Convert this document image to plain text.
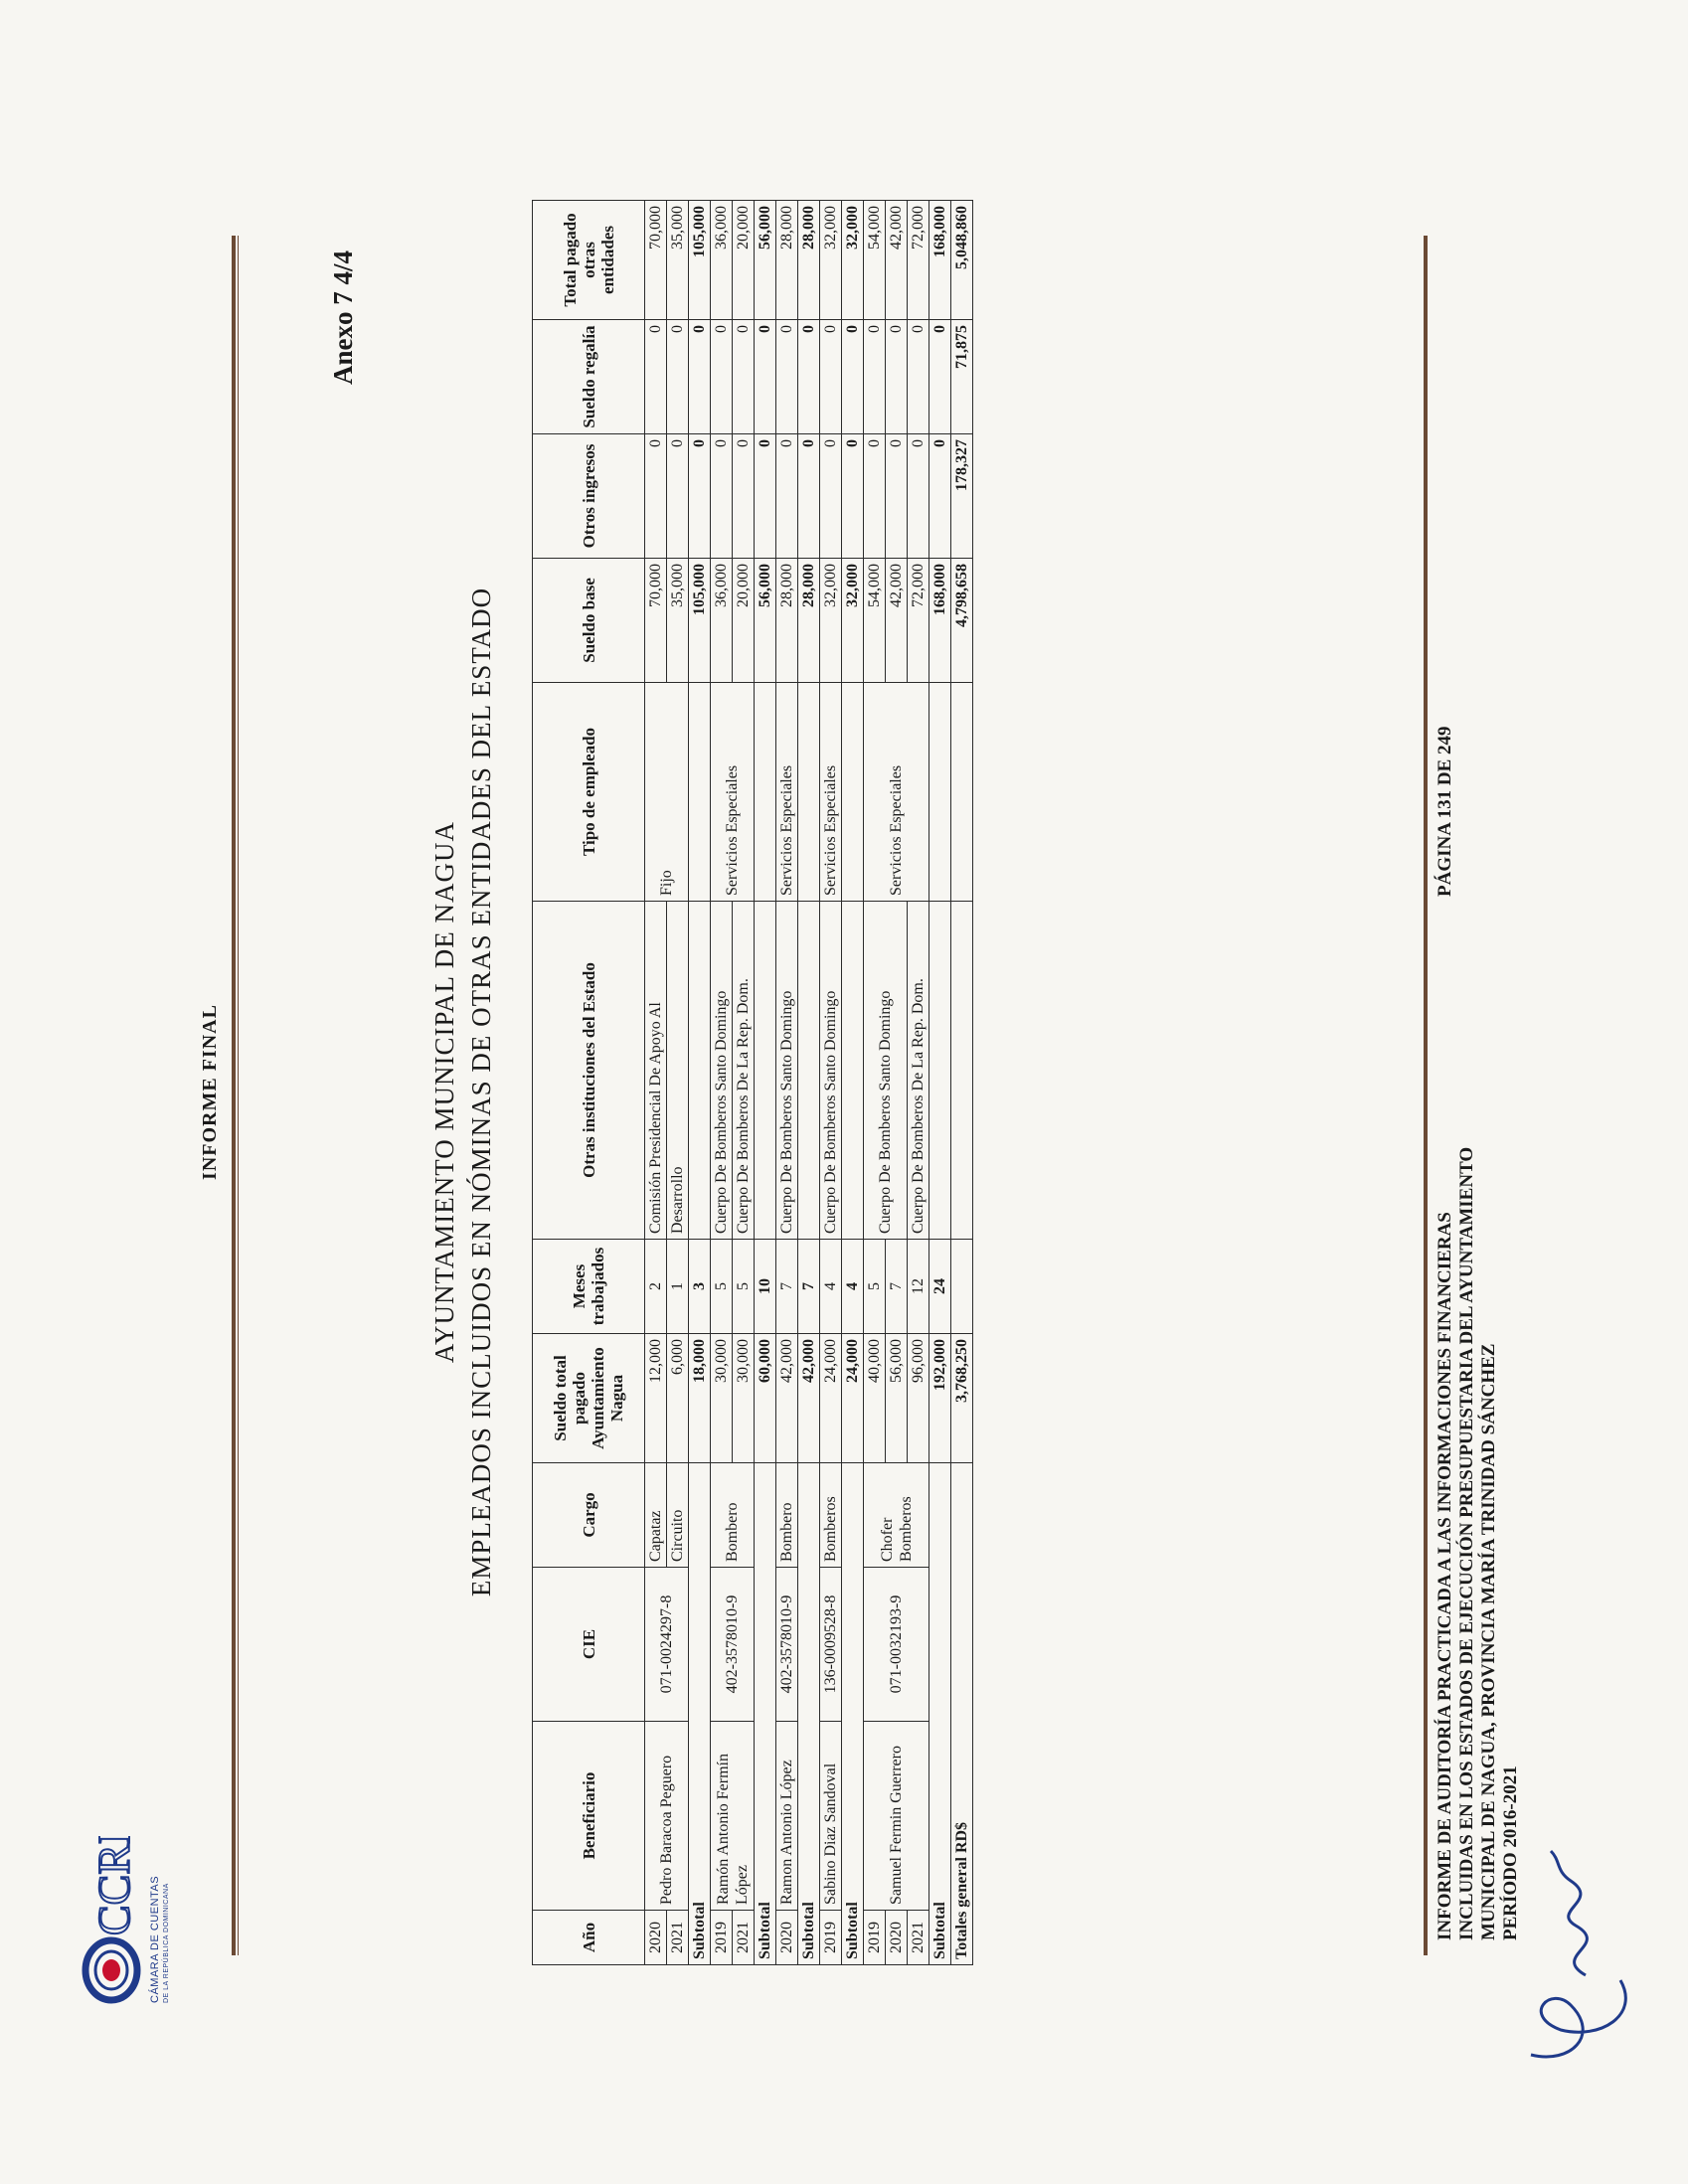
CCRD
CÁMARA DE CUENTAS DE LA REPÚBLICA DOMINICANA
INFORME FINAL
Anexo 7 4/4
AYUNTAMIENTO MUNICIPAL DE NAGUA EMPLEADOS INCLUIDOS EN NÓMINAS DE OTRAS ENTIDADES DEL ESTADO
Año	Beneficiario	CIE	Cargo	Sueldo total pagado Ayuntamiento Nagua	Meses trabajados	Otras instituciones del Estado	Tipo de empleado	Sueldo base	Otros ingresos	Sueldo regalía	Total pagado otras entidades
2020	Pedro Baracoa Peguero	071-0024297-8	Capataz	12,000	2	Comisión Presidencial De Apoyo Al	Fijo	70,000	0	0	70,000
2021			Circuito	6,000	1	Desarrollo		35,000	0	0	35,000
Subtotal				18,000	3			105,000	0	0	105,000
2019	Ramón Antonio Fermín López	402-3578010-9	Bombero	30,000	5	Cuerpo De Bomberos Santo Domingo	Servicios Especiales	36,000	0	0	36,000
2021				30,000	5	Cuerpo De Bomberos De La Rep. Dom.		20,000	0	0	20,000
Subtotal				60,000	10			56,000	0	0	56,000
2020	Ramon Antonio López	402-3578010-9	Bombero	42,000	7	Cuerpo De Bomberos Santo Domingo	Servicios Especiales	28,000	0	0	28,000
Subtotal				42,000	7			28,000	0	0	28,000
2019	Sabino Diaz Sandoval	136-0009528-8	Bomberos	24,000	4	Cuerpo De Bomberos Santo Domingo	Servicios Especiales	32,000	0	0	32,000
Subtotal				24,000	4			32,000	0	0	32,000
2019	Samuel Fermin Guerrero	071-0032193-9	Chofer Bomberos	40,000	5	Cuerpo De Bomberos Santo Domingo	Servicios Especiales	54,000	0	0	54,000
2020				56,000	7			42,000	0	0	42,000
2021				96,000	12	Cuerpo De Bomberos De La Rep. Dom.		72,000	0	0	72,000
Subtotal				192,000	24			168,000	0	0	168,000
Totales general RD$				3,768,250				4,798,658	178,327	71,875	5,048,860
INFORME DE AUDITORÍA PRACTICADA A LAS INFORMACIONES FINANCIERAS INCLUIDAS EN LOS ESTADOS DE EJECUCIÓN PRESUPUESTARIA DEL AYUNTAMIENTO MUNICIPAL DE NAGUA, PROVINCIA MARÍA TRINIDAD SÁNCHEZ PERÍODO 2016-2021
PÁGINA 131 DE 249
